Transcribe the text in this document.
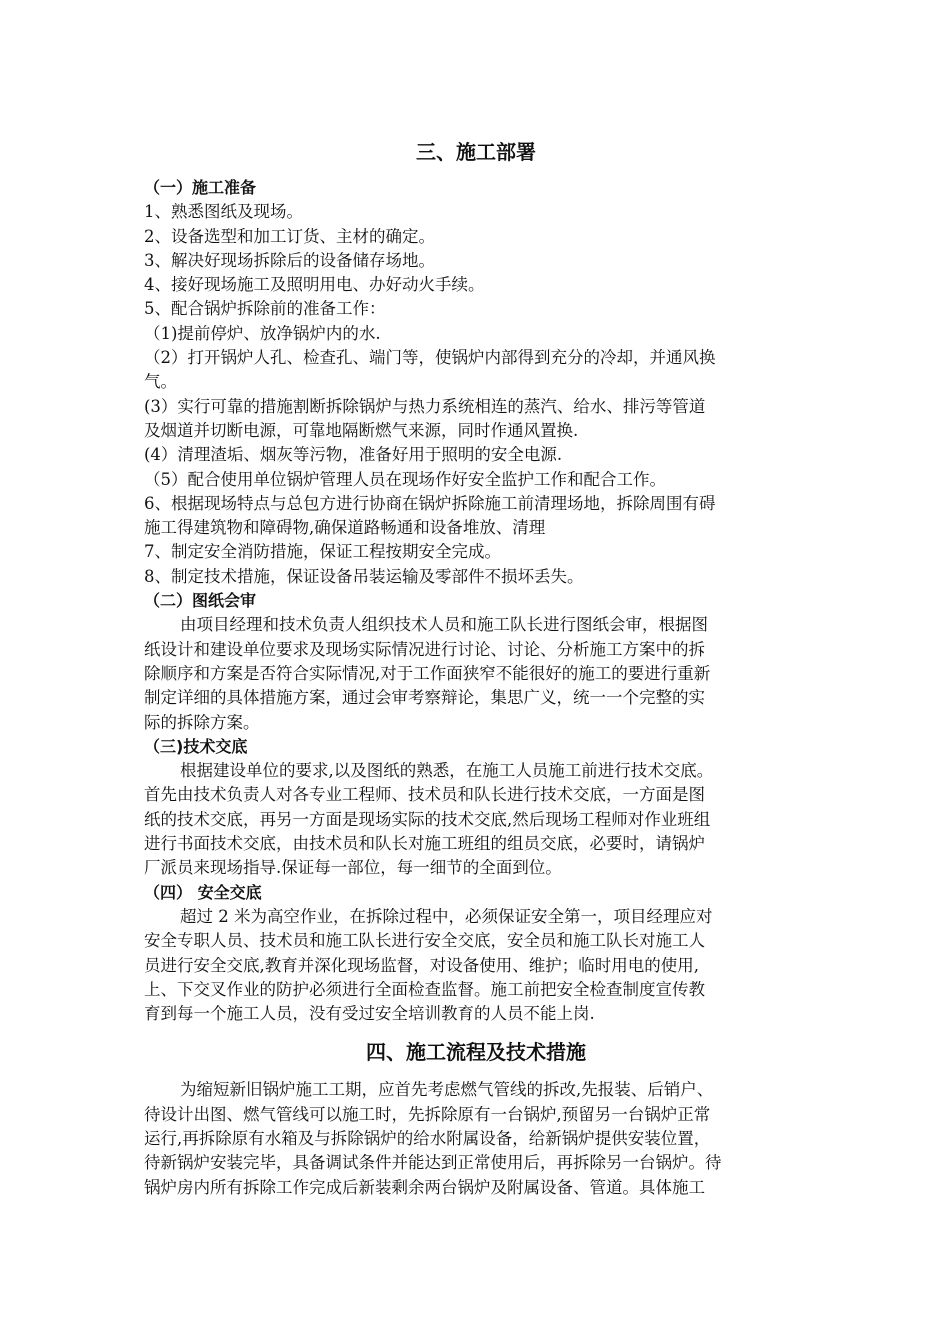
三、施工部署
（一）施工准备
1、熟悉图纸及现场。
2、设备选型和加工订货、主材的确定。
3、解决好现场拆除后的设备储存场地。
4、接好现场施工及照明用电、办好动火手续。
5、配合锅炉拆除前的准备工作：
（1)提前停炉、放净锅炉内的水.
（2）打开锅炉人孔、检查孔、端门等，使锅炉内部得到充分的冷却，并通风换
气。
(3）实行可靠的措施割断拆除锅炉与热力系统相连的蒸汽、给水、排污等管道
及烟道并切断电源，可靠地隔断燃气来源，同时作通风置换.
(4）清理渣垢、烟灰等污物，准备好用于照明的安全电源.
（5）配合使用单位锅炉管理人员在现场作好安全监护工作和配合工作。
6、根据现场特点与总包方进行协商在锅炉拆除施工前清理场地，拆除周围有碍
施工得建筑物和障碍物,确保道路畅通和设备堆放、清理
7、制定安全消防措施，保证工程按期安全完成。
8、制定技术措施，保证设备吊装运输及零部件不损坏丢失。
（二）图纸会审
由项目经理和技术负责人组织技术人员和施工队长进行图纸会审，根据图
纸设计和建设单位要求及现场实际情况进行讨论、讨论、分析施工方案中的拆
除顺序和方案是否符合实际情况,对于工作面狭窄不能很好的施工的要进行重新
制定详细的具体措施方案，通过会审考察辩论，集思广义，统一一个完整的实
际的拆除方案。
（三)技术交底
根据建设单位的要求,以及图纸的熟悉，在施工人员施工前进行技术交底。
首先由技术负责人对各专业工程师、技术员和队长进行技术交底，一方面是图
纸的技术交底，再另一方面是现场实际的技术交底,然后现场工程师对作业班组
进行书面技术交底，由技术员和队长对施工班组的组员交底，必要时，请锅炉
厂派员来现场指导.保证每一部位，每一细节的全面到位。
（四） 安全交底
超过 2 米为高空作业，在拆除过程中，必须保证安全第一，项目经理应对
安全专职人员、技术员和施工队长进行安全交底，安全员和施工队长对施工人
员进行安全交底,教育并深化现场监督，对设备使用、维护；临时用电的使用,
上、下交叉作业的防护必须进行全面检查监督。施工前把安全检查制度宣传教
育到每一个施工人员，没有受过安全培训教育的人员不能上岗.
四、施工流程及技术措施
为缩短新旧锅炉施工工期，应首先考虑燃气管线的拆改,先报装、后销户、
待设计出图、燃气管线可以施工时，先拆除原有一台锅炉,预留另一台锅炉正常
运行,再拆除原有水箱及与拆除锅炉的给水附属设备，给新锅炉提供安装位置，
待新锅炉安装完毕，具备调试条件并能达到正常使用后，再拆除另一台锅炉。待
锅炉房内所有拆除工作完成后新装剩余两台锅炉及附属设备、管道。具体施工
